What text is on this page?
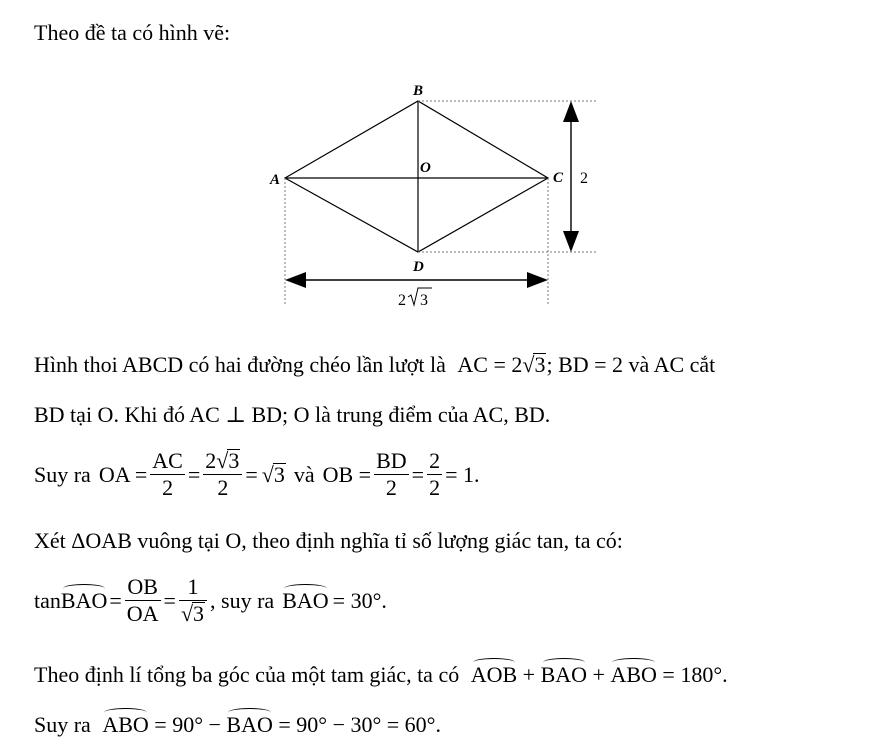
Theo đề ta có hình vẽ:
B
A	C
O
D
2
2 3
Hình thoi ABCD có hai đường chéo lần lượt là AC = 2√3; BD = 2 và AC cắt
BD tại O. Khi đó AC ⊥ BD; O là trung điểm của AC, BD.
Suy ra OA = $\frac{AC}{2} = \frac{2√3}{2} = √3$ và OB = $\frac{BD}{2} = \frac{2}{2} = 1$.
Xét ΔOAB vuông tại O, theo định nghĩa tỉ số lượng giác tan, ta có:
tan BAO = $\frac{OB}{OA} = \frac{1}{√3}$ , suy ra BAO = 30°.
Theo định lí tổng ba góc của một tam giác, ta có AOB + BAO + ABO = 180°.
Suy ra ABO = 90° − BAO = 90° − 30° = 60°.
